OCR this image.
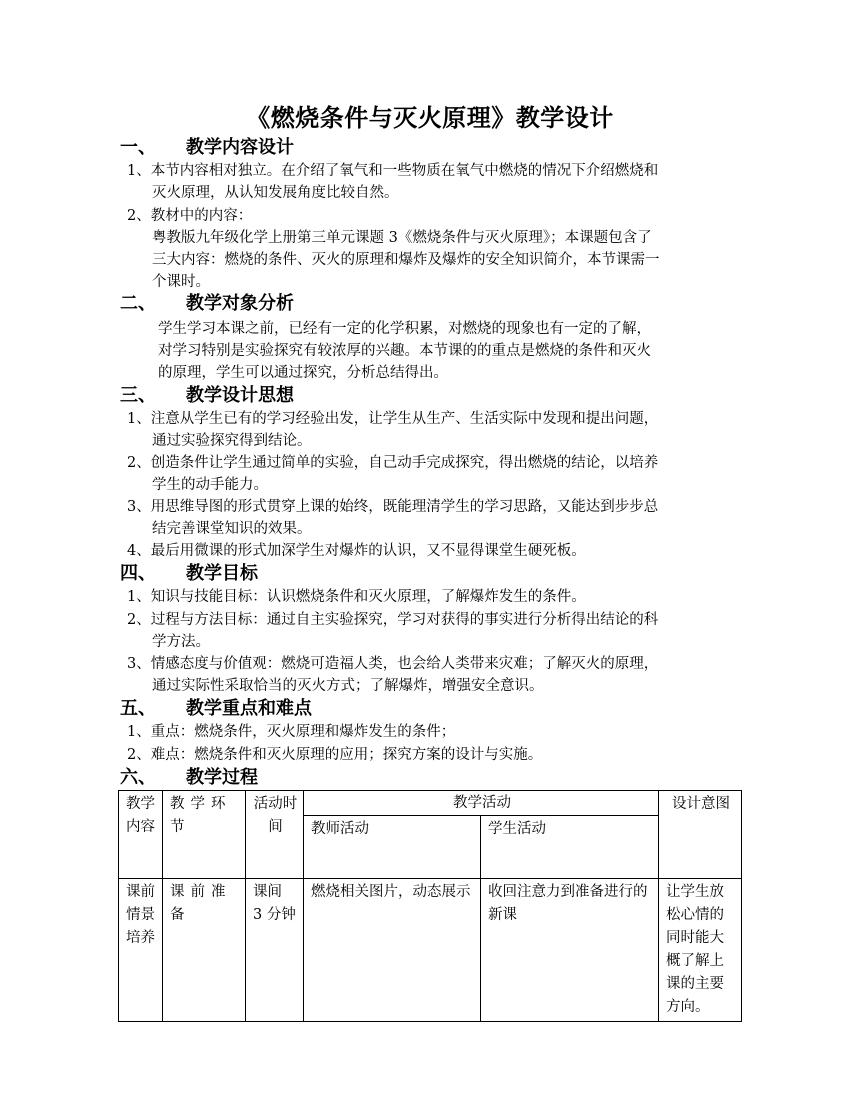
《燃烧条件与灭火原理》教学设计
一、 教学内容设计
1、本节内容相对独立。在介绍了氧气和一些物质在氧气中燃烧的情况下介绍燃烧和
灭火原理，从认知发展角度比较自然。
2、教材中的内容：
粤教版九年级化学上册第三单元课题 3《燃烧条件与灭火原理》；本课题包含了
三大内容：燃烧的条件、灭火的原理和爆炸及爆炸的安全知识简介，本节课需一
个课时。
二、 教学对象分析
学生学习本课之前，已经有一定的化学积累，对燃烧的现象也有一定的了解，
对学习特别是实验探究有较浓厚的兴趣。本节课的的重点是燃烧的条件和灭火
的原理，学生可以通过探究，分析总结得出。
三、 教学设计思想
1、注意从学生已有的学习经验出发，让学生从生产、生活实际中发现和提出问题，
通过实验探究得到结论。
2、创造条件让学生通过简单的实验，自己动手完成探究，得出燃烧的结论，以培养
学生的动手能力。
3、用思维导图的形式贯穿上课的始终，既能理清学生的学习思路，又能达到步步总
结完善课堂知识的效果。
4、最后用微课的形式加深学生对爆炸的认识，又不显得课堂生硬死板。
四、 教学目标
1、知识与技能目标：认识燃烧条件和灭火原理，了解爆炸发生的条件。
2、过程与方法目标：通过自主实验探究，学习对获得的事实进行分析得出结论的科
学方法。
3、情感态度与价值观：燃烧可造福人类，也会给人类带来灾难；了解灭火的原理，
通过实际性采取恰当的灭火方式；了解爆炸，增强安全意识。
五、 教学重点和难点
1、重点：燃烧条件，灭火原理和爆炸发生的条件；
2、难点：燃烧条件和灭火原理的应用；探究方案的设计与实施。
六、 教学过程
教学内容	教学环节	活动时间	教学活动		设计意图
			教师活动	学生活动	
课前情景培养	课前准备	课间
3 分钟	燃烧相关图片，动态展示	收回注意力到准备进行的新课	让学生放松心情的同时能大概了解上课的主要方向。
